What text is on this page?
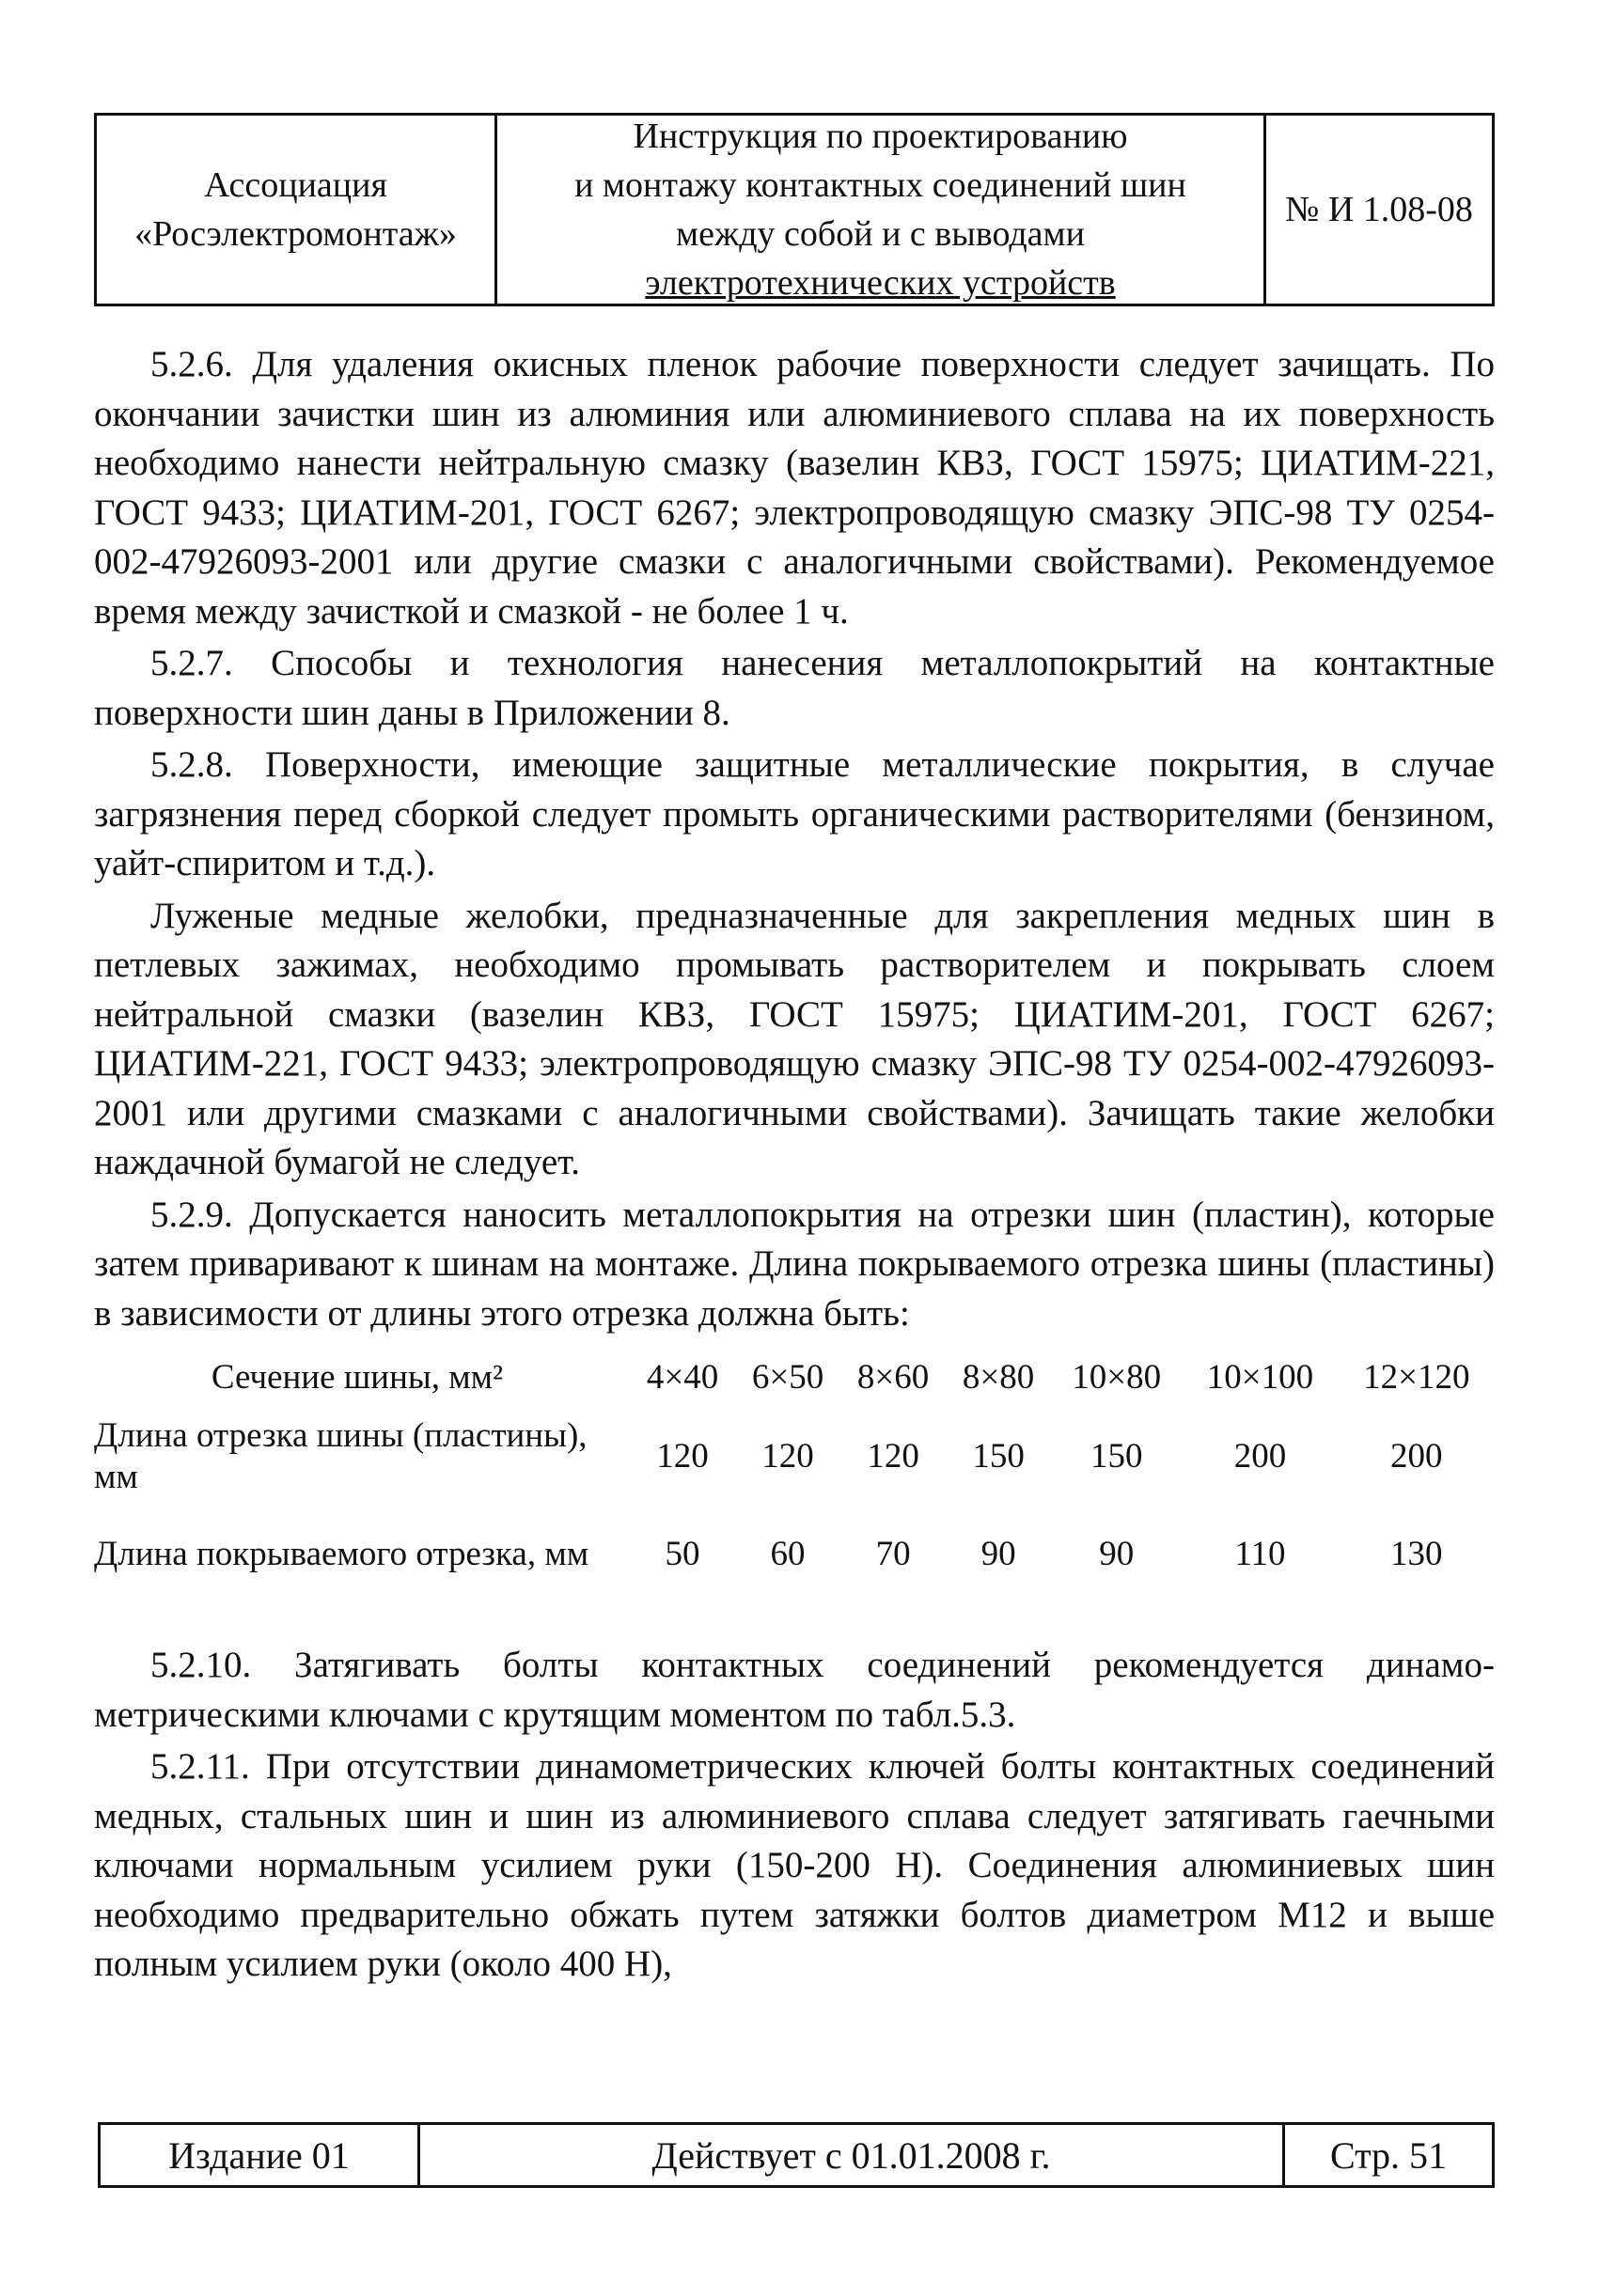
Ассоциация
«Росэлектромонтаж»
Инструкция по проектированию
и монтажу контактных соединений шин
между собой и с выводами
электротехнических устройств
№ И 1.08-08

5.2.6. Для удаления окисных пленок рабочие поверхности следует зачищать. По окончании зачистки шин из алюминия или алюминиевого сплава на их поверхность необходимо нанести нейтральную смазку (вазелин КВЗ, ГОСТ 15975; ЦИАТИМ-221, ГОСТ 9433; ЦИАТИМ-201, ГОСТ 6267; электропроводящую смазку ЭПС-98 ТУ 0254-002-47926093-2001 или другие смазки с аналогичными свойствами). Рекомендуемое время между зачисткой и смазкой - не более 1 ч.

5.2.7. Способы и технология нанесения металлопокрытий на контактные поверхности шин даны в Приложении 8.

5.2.8. Поверхности, имеющие защитные металлические покрытия, в случае загрязнения перед сборкой следует промыть органическими растворителями (бензином, уайт-спиритом и т.д.).

Луженые медные желобки, предназначенные для закрепления медных шин в петлевых зажимах, необходимо промывать растворителем и покрывать слоем нейтральной смазки (вазелин КВЗ, ГОСТ 15975; ЦИАТИМ-201, ГОСТ 6267; ЦИАТИМ-221, ГОСТ 9433; электропроводящую смазку ЭПС-98 ТУ 0254-002-47926093-2001 или другими смазками с аналогичными свойствами). Зачищать такие желобки наждачной бумагой не следует.

5.2.9. Допускается наносить металлопокрытия на отрезки шин (пластин), которые затем приваривают к шинам на монтаже. Длина покрываемого отрезка шины (пластины) в зависимости от длины этого отрезка должна быть:

Сечение шины, мм²	4×40	6×50	8×60	8×80	10×80	10×100	12×120
Длина отрезка шины (пластины), мм	120	120	120	150	150	200	200
Длина покрываемого отрезка, мм	50	60	70	90	90	110	130

5.2.10. Затягивать болты контактных соединений рекомендуется динамометрическими ключами с крутящим моментом по табл.5.3.

5.2.11. При отсутствии динамометрических ключей болты контактных соединений медных, стальных шин и шин из алюминиевого сплава следует затягивать гаечными ключами нормальным усилием руки (150-200 Н). Соединения алюминиевых шин необходимо предварительно обжать путем затяжки болтов диаметром М12 и выше полным усилием руки (около 400 Н),

Издание 01	Действует с 01.01.2008 г.	Стр. 51
